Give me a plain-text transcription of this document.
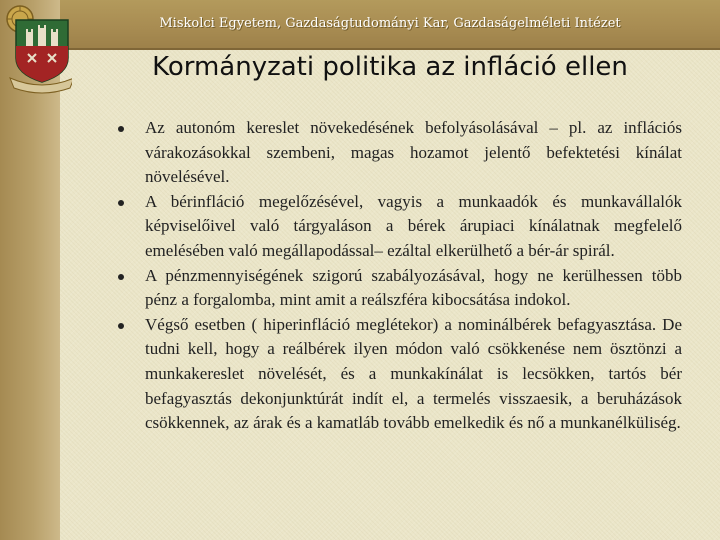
Miskolci Egyetem, Gazdaságtudományi Kar, Gazdaságelméleti Intézet
Kormányzati politika az infláció ellen
Az autonóm kereslet növekedésének befolyásolásával – pl. az inflációs várakozásokkal szembeni, magas hozamot jelentő befektetési kínálat növelésével.
A bérinfláció megelőzésével, vagyis a munkaadók és munkavállalók képviselőivel való tárgyaláson a bérek árupiaci kínálatnak megfelelő emelésében való megállapodással– ezáltal elkerülhető a bér-ár spirál.
A pénzmennyiségének szigorú szabályozásával, hogy ne kerülhessen több pénz a forgalomba, mint amit a reálszféra kibocsátása indokol.
Végső esetben ( hiperinfláció meglétekor) a nominálbérek befagyasztása. De tudni kell, hogy a reálbérek ilyen módon való csökkenése nem ösztönzi a munkakereslet növelését, és a munkakínálat is lecsökken, tartós bér befagyasztás dekonjunktúrát indít el, a termelés visszaesik, a beruházások csökkennek, az árak és a kamatláb tovább emelkedik és nő a munkanélküliség.
